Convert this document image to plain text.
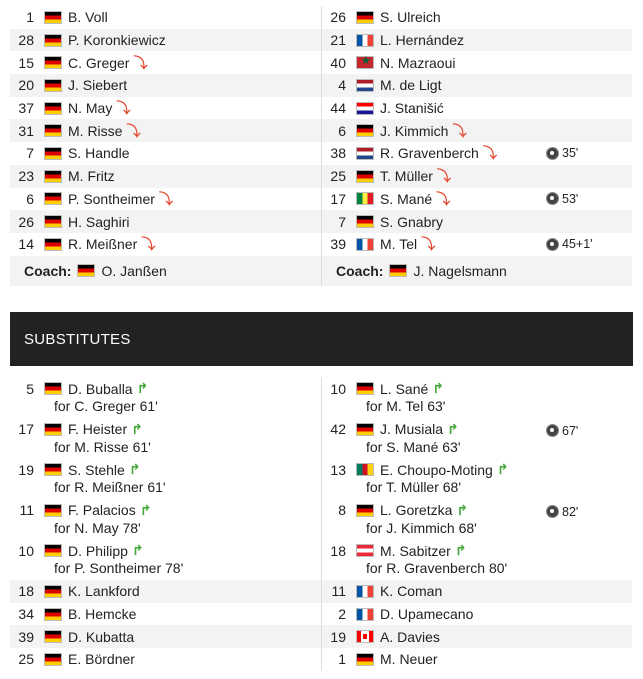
1	B. Voll
28	P. Koronkiewicz
15	C. Greger ⤵
20	J. Siebert
37	N. May ⤵
31	M. Risse ⤵
7	S. Handle
23	M. Fritz
6	P. Sontheimer ⤵
26	H. Saghiri
14	R. Meißner ⤵
Coach: O. Janßen
26	S. Ulreich
21	L. Hernández
40
★	N. Mazraoui
4	M. de Ligt
44	J. Stanišić
6	J. Kimmich ⤵
38	R. Gravenberch ⤵	35'
25	T. Müller ⤵
17	S. Mané ⤵	53'
7	S. Gnabry
39	M. Tel ⤵	45+1'
Coach: J. Nagelsmann
SUBSTITUTES
5	D. Buballa ↱
for C. Greger 61'
17	F. Heister ↱
for M. Risse 61'
19	S. Stehle ↱
for R. Meißner 61'
11	F. Palacios ↱
for N. May 78'
10	D. Philipp ↱
for P. Sontheimer 78'
18	K. Lankford
34	B. Hemcke
39	D. Kubatta
25	E. Bördner
10	L. Sané ↱
for M. Tel 63'
42	J. Musiala ↱
for S. Mané 63'
67'
13	E. Choupo-Moting ↱
for T. Müller 68'
8	L. Goretzka ↱
for J. Kimmich 68'
82'
18	M. Sabitzer ↱
for R. Gravenberch 80'
11	K. Coman
2	D. Upamecano
19	A. Davies
1	M. Neuer
